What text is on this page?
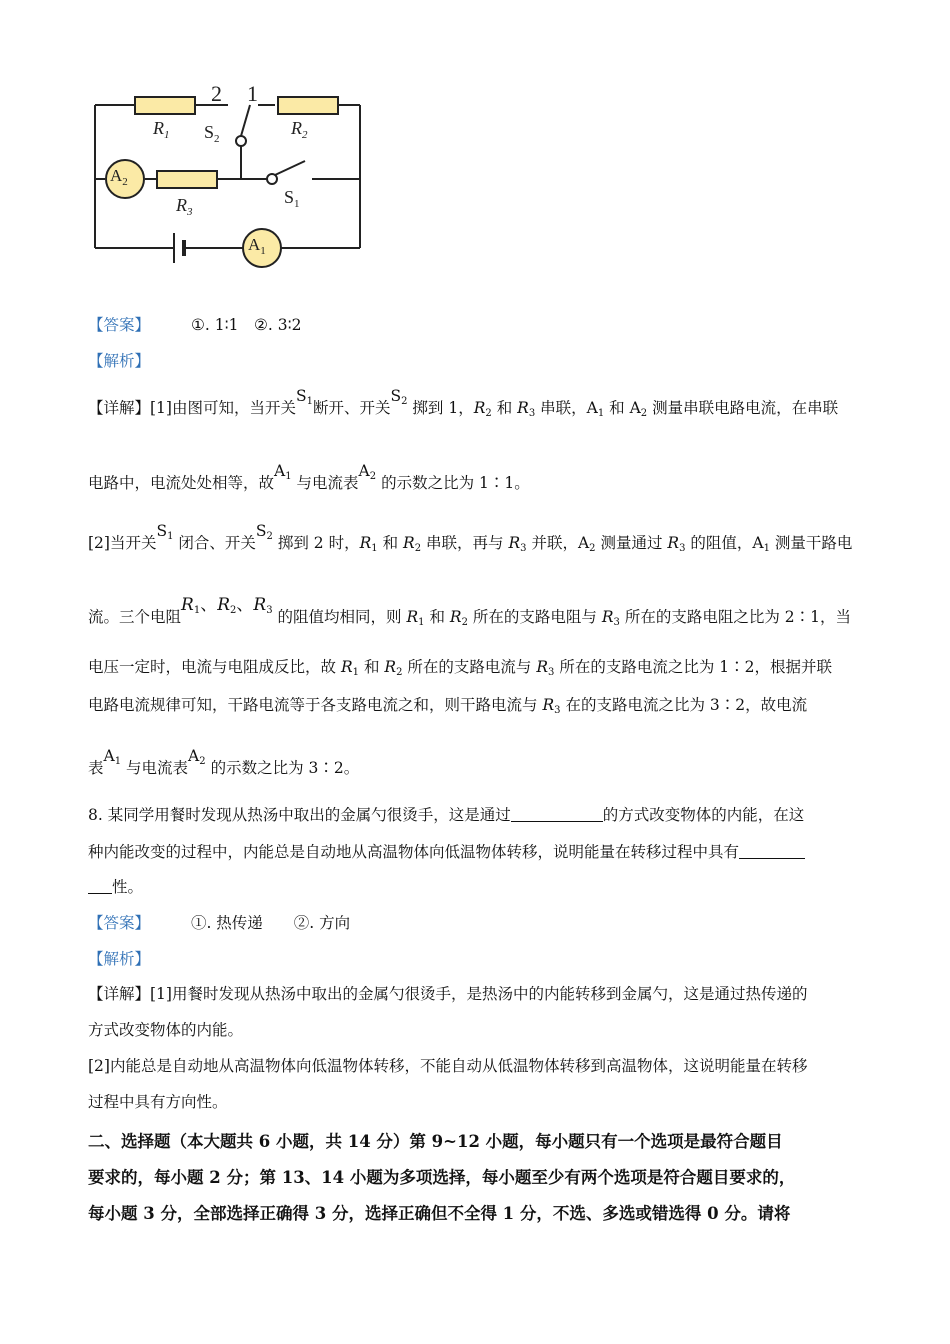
$R_1$	$R_2$
$R_3$
$S_2$
$S_1$
$A_2$
$A_1$
2 1
【答案】	①. 1∶1　②. 3∶2
【解析】
【详解】[1]由图可知，当开关$S_1$断开、开关$S_2$ 掷到 1，$R_2$ 和 $R_3$ 串联，$A_1$ 和 $A_2$ 测量串联电路电流，在串联
电路中，电流处处相等，故$A_1$ 与电流表$A_2$ 的示数之比为 1∶1。
[2]当开关$S_1$ 闭合、开关$S_2$ 掷到 2 时，$R_1$ 和 $R_2$ 串联，再与 $R_3$ 并联，$A_2$ 测量通过 $R_3$ 的阻值，$A_1$ 测量干路电
流。三个电阻$R_1$、$R_2$、$R_3$ 的阻值均相同，则 $R_1$ 和 $R_2$ 所在的支路电阻与 $R_3$ 所在的支路电阻之比为 2∶1，当
电压一定时，电流与电阻成反比，故 $R_1$ 和 $R_2$ 所在的支路电流与 $R_3$ 所在的支路电流之比为 1∶2，根据并联
电路电流规律可知，干路电流等于各支路电流之和，则干路电流与 $R_3$ 在的支路电流之比为 3∶2，故电流
表$A_1$ 与电流表$A_2$ 的示数之比为 3∶2。
8. 某同学用餐时发现从热汤中取出的金属勺很烫手，这是通过	的方式改变物体的内能，在这
种内能改变的过程中，内能总是自动地从高温物体向低温物体转移，说明能量在转移过程中具有
性。
【答案】	①. 热传递　　②. 方向
【解析】
【详解】[1]用餐时发现从热汤中取出的金属勺很烫手，是热汤中的内能转移到金属勺，这是通过热传递的
方式改变物体的内能。
[2]内能总是自动地从高温物体向低温物体转移，不能自动从低温物体转移到高温物体，这说明能量在转移
过程中具有方向性。
二、选择题（本大题共 6 小题，共 14 分）第 9~12 小题，每小题只有一个选项是最符合题目
要求的，每小题 2 分；第 13、14 小题为多项选择，每小题至少有两个选项是符合题目要求的，
每小题 3 分，全部选择正确得 3 分，选择正确但不全得 1 分，不选、多选或错选得 0 分。请将
